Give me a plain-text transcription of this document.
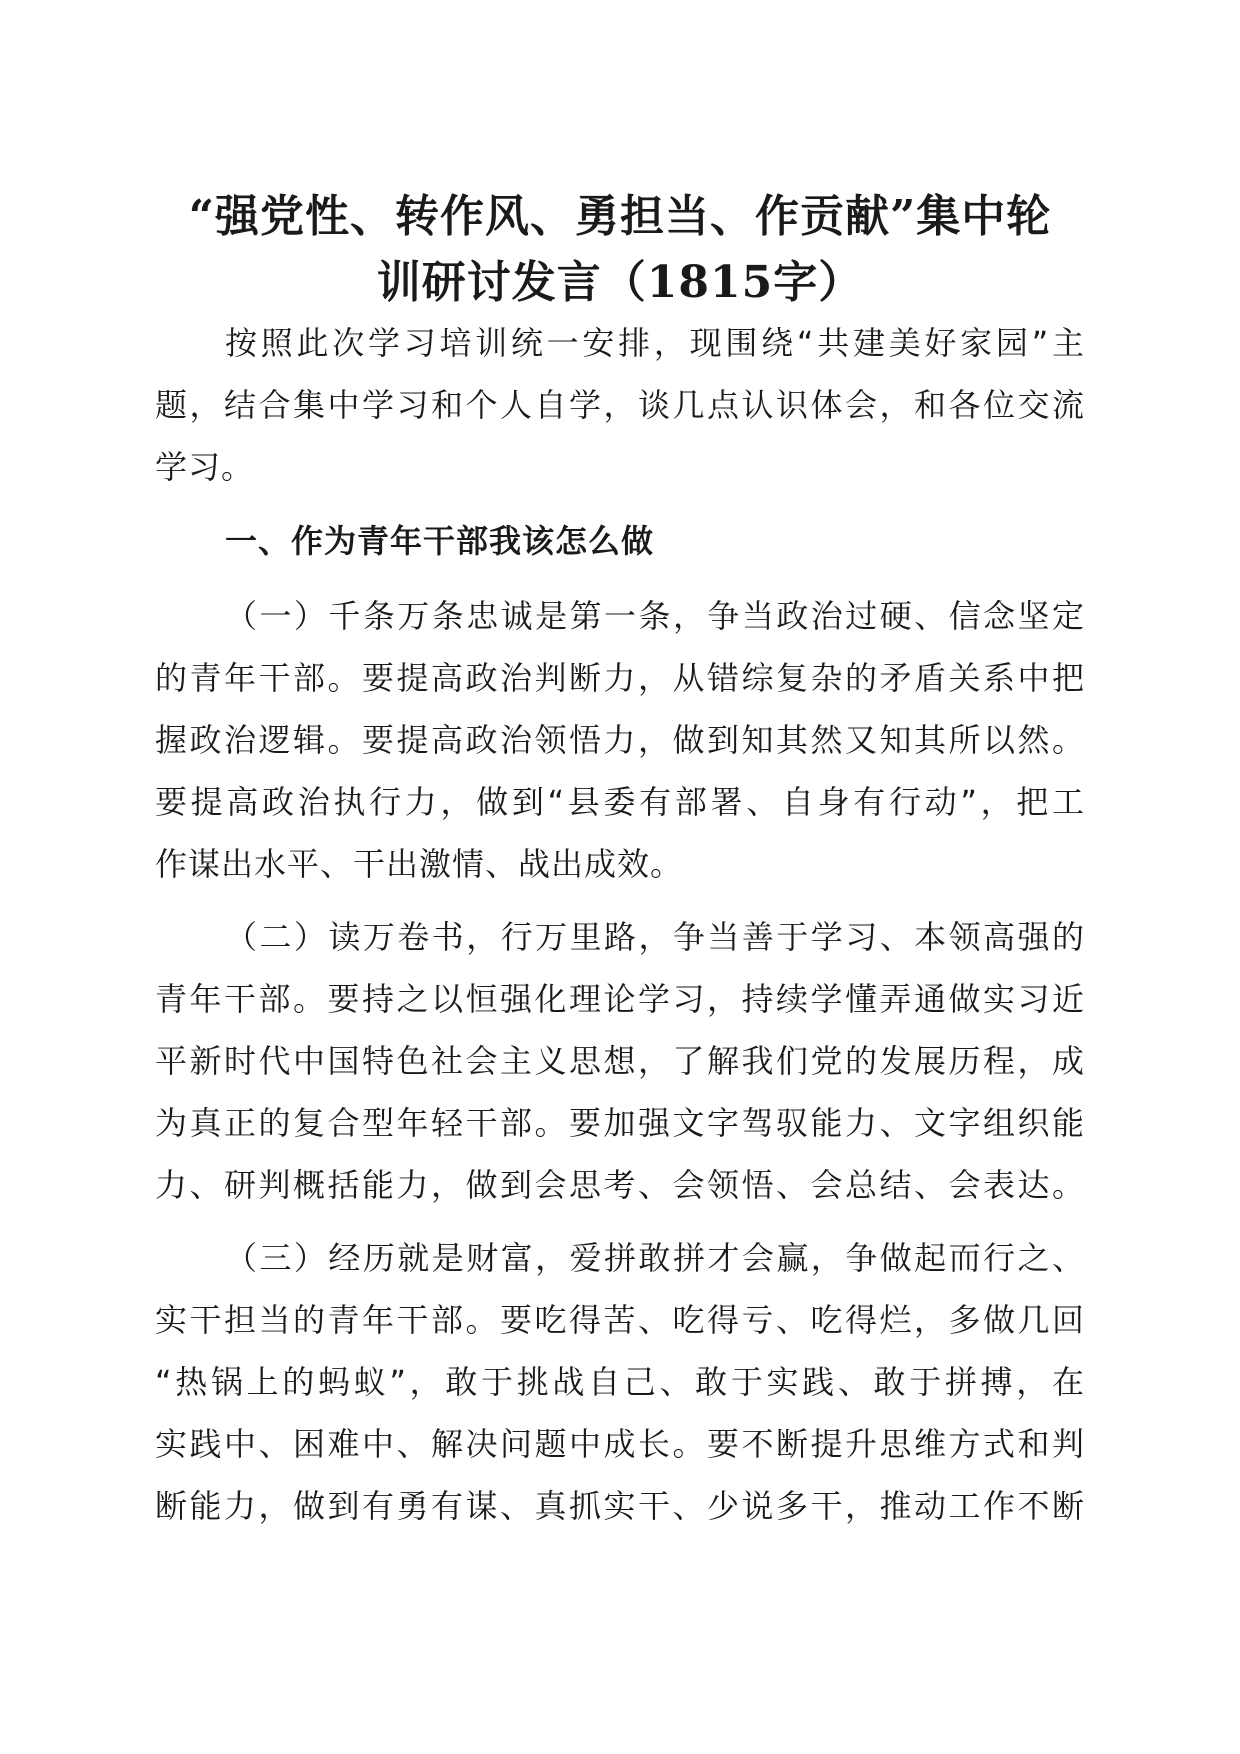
“强党性、转作风、勇担当、作贡献”集中轮
训研讨发言（1815字）
按照此次学习培训统一安排，现围绕“共建美好家园”主
题，结合集中学习和个人自学，谈几点认识体会，和各位交流
学习。
一、作为青年干部我该怎么做
（一）千条万条忠诚是第一条，争当政治过硬、信念坚定
的青年干部。要提高政治判断力，从错综复杂的矛盾关系中把
握政治逻辑。要提高政治领悟力，做到知其然又知其所以然。
要提高政治执行力，做到“县委有部署、自身有行动”，把工
作谋出水平、干出激情、战出成效。
（二）读万卷书，行万里路，争当善于学习、本领高强的
青年干部。要持之以恒强化理论学习，持续学懂弄通做实习近
平新时代中国特色社会主义思想，了解我们党的发展历程，成
为真正的复合型年轻干部。要加强文字驾驭能力、文字组织能
力、研判概括能力，做到会思考、会领悟、会总结、会表达。
（三）经历就是财富，爱拼敢拼才会赢，争做起而行之、
实干担当的青年干部。要吃得苦、吃得亏、吃得烂，多做几回
“热锅上的蚂蚁”，敢于挑战自己、敢于实践、敢于拼搏，在
实践中、困难中、解决问题中成长。要不断提升思维方式和判
断能力，做到有勇有谋、真抓实干、少说多干，推动工作不断
